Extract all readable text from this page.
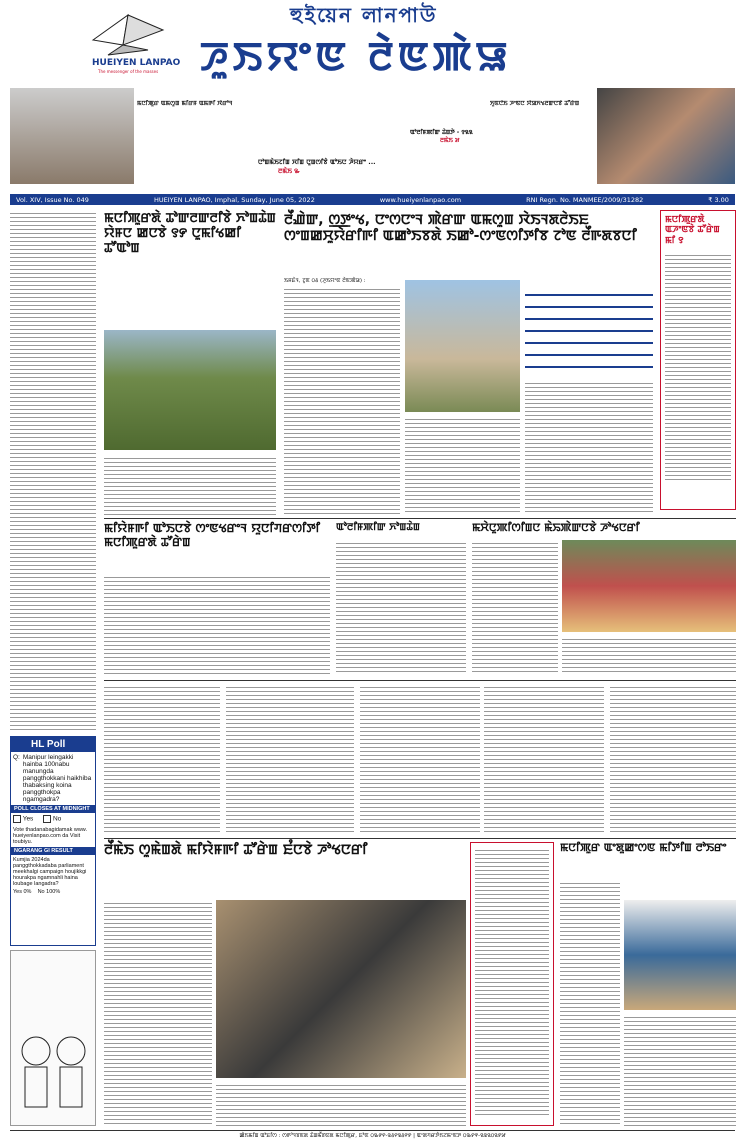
HUEIYEN LANPAO
The messenger of the masses
হুইয়েন লানপাউ
ꯍꯨꯏꯌꯦꯟ ꯂꯥꯟꯄꯥꯎ
ꯃꯅꯤꯄꯨꯔ ꯑꯃꯁꯨꯡ ꯃꯤꯔꯝ ꯑꯃꯒꯤ ꯋꯥꯔꯣꯜ
ꯅꯣꯡꯃꯥꯏꯖꯤꯡ ꯆꯤꯡ ꯅꯨꯡꯁꯤꯕꯥ ꯑꯣꯏꯅ ꯍꯥꯌꯔꯦ ...
ꯂꯃꯥꯏ ꯳
ꯑꯣꯂꯤꯝꯄꯤꯛ ꯊꯥꯡꯇꯥ - ꯱꯲꯲
ꯂꯃꯥꯏ ꯷
ꯈꯨꯟꯅꯥꯏ ꯍꯦꯟꯅ ꯆꯥꯎꯈꯠꯂꯛꯅꯕꯥ ꯊꯧꯔꯥꯡ
Vol. XIV, Issue No. 049	HUEIYEN LANPAO, Imphal, Sunday, June 05, 2022	www.hueiyenlanpao.com	RNI Regn. No. MANMEE/2009/31282	₹ 3.00
ꯃꯅꯤꯄꯨꯔꯗꯥ ꯊꯣꯛꯂꯛꯂꯤꯕꯥ ꯈꯣꯡꯊꯥꯡ ꯌꯥꯝꯅ ꯀꯅꯕꯥ ꯱꯸ ꯅꯨꯃꯤꯠꯀꯤ ꯊꯧꯑꯣꯡ
ꯂꯩꯉꯥꯛ, ꯁ꯭ꯇꯦꯠ, ꯅꯦꯁꯅꯦꯜ ꯄꯥꯔꯛ ꯑꯃꯁꯨꯡ ꯋꯥꯏꯜꯗꯂꯥꯏꯐ ꯁꯦꯡꯀꯆꯨꯌꯥꯔꯤꯒꯤ ꯑꯀꯣꯏꯕꯗꯥ ꯏꯀꯣ-ꯁꯦꯟꯁꯤꯇꯤꯕ ꯖꯣꯟ ꯂꯩꯒꯗꯕꯅꯤ
ꯏꯝꯐꯥꯜ, ꯖꯨꯟ ꯰꯴ (ꯍꯨꯏꯌꯦꯟ ꯂꯥꯟꯄꯥꯎ) :
ꯃꯅꯤꯄꯨꯔꯗꯥ ꯑꯍꯦꯟꯕꯥ ꯊꯧꯔꯥꯡ ꯃꯤ ꯱
ꯃꯤꯌꯥꯝꯒꯤ ꯑꯣꯏꯅꯕꯥ ꯁꯦꯟꯠꯔꯦꯜ ꯌꯨꯅꯤꯚꯔꯁꯤꯇꯤ ꯃꯅꯤꯄꯨꯔꯗꯥ ꯊꯧꯔꯥꯡ
ꯑꯣꯂꯤꯝꯄꯤꯛ ꯈꯣꯡꯊꯥꯡ	ꯃꯆꯥꯅꯨꯄꯤꯁꯤꯡꯅ ꯃꯥꯢꯄꯥꯛꯅꯕꯥ ꯍꯣꯠꯅꯔꯤ
HL Poll
Q: Manipur leingakki hainba 100nabu manungda panggthokkani haikhiba thabaksing koina panggthokpa ngamgadra?
POLL CLOSES AT MIDNIGHT
Yes	No
Vote thadanabagidamak www. hueiyenlanpao.com da Visit toubiyu.
NGARANG GI RESULT
Kumjia 2024da panggthokkadaba parliament meekhalgi campaign houjikkgi hourakpa ngamnahli haina loubage langadra?
Yes 0% No 100%
ꯂꯩꯃꯥꯏ ꯁꯨꯃꯥꯡꯗꯥ ꯃꯤꯌꯥꯝꯒꯤ ꯊꯧꯔꯥꯡ ꯐꯪꯅꯕꯥ ꯍꯣꯠꯅꯔꯤ	ꯃꯅꯤꯄꯨꯔ ꯑꯦꯗꯨꯀꯦꯁꯟ ꯃꯤꯇꯤꯡ ꯂꯣꯏꯔꯦ
ꯀꯥꯏꯃꯤꯡ ꯑꯣꯐꯤꯁ : ꯁꯒꯣꯜꯕꯟꯗ ꯊꯥꯡꯃꯩꯕꯟꯗ ꯃꯅꯤꯄꯨꯔ, ꯐꯣꯟ ꯰꯳꯸꯵-꯲꯴꯵꯲꯴꯵꯸ | ꯑꯦꯗꯚꯔꯇꯥꯏꯖꯃꯦꯟꯇ ꯰꯳꯸꯵-꯲꯲꯲꯰꯲꯸꯷
